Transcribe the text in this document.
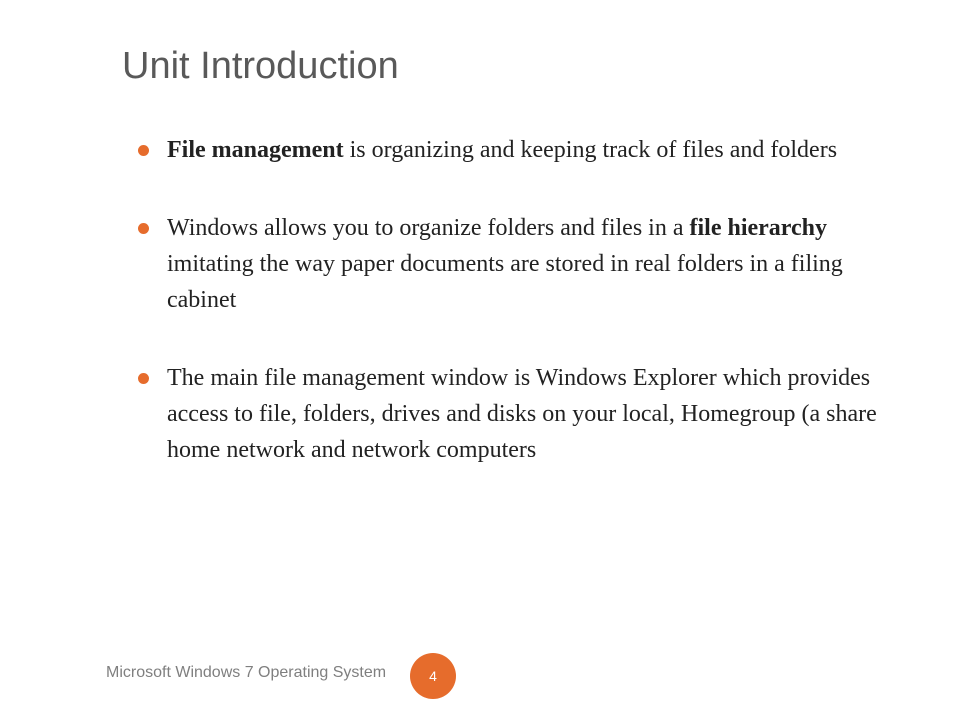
Unit Introduction
File management is organizing and keeping track of files and folders
Windows allows you to organize folders and files in a file hierarchy imitating the way paper documents are stored in real folders in a filing cabinet
The main file management window is Windows Explorer which provides access to file, folders, drives and disks on your local, Homegroup (a share home network and network computers
Microsoft Windows 7 Operating System	4
